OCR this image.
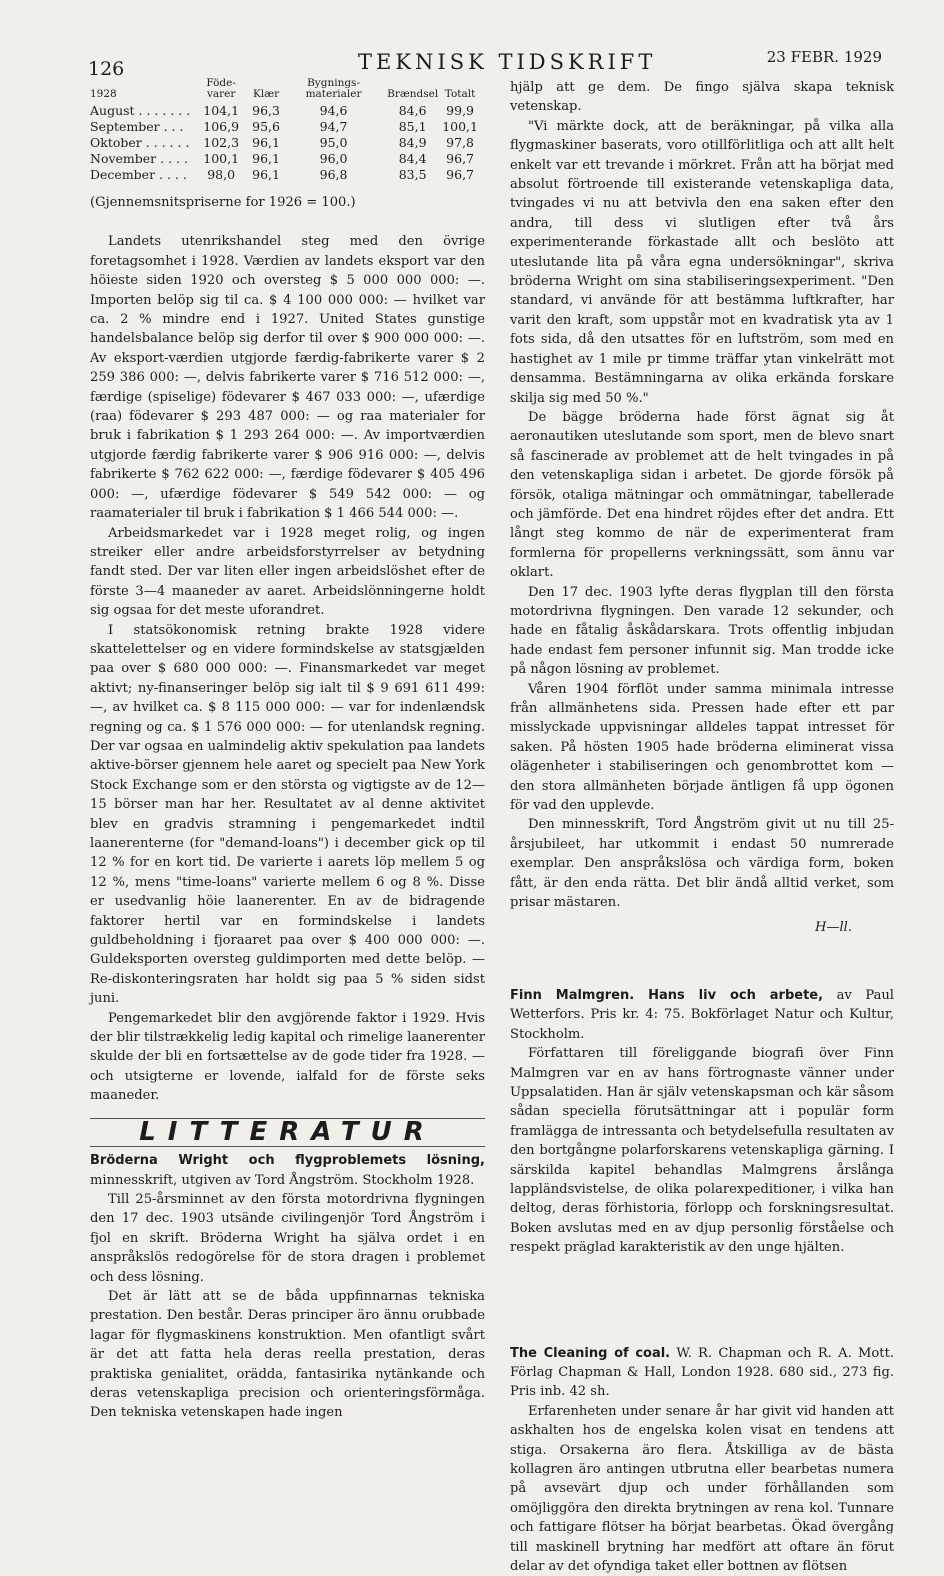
126	TEKNISK TIDSKRIFT	23 FEBR. 1929
1928	Föde-varer	Klær	Bygnings-materialer	Brændsel	Totalt
August . . . . . . .	104,1	96,3	94,6	84,6	99,9
September . . .	106,9	95,6	94,7	85,1	100,1
Oktober . . . . . .	102,3	96,1	95,0	84,9	97,8
November . . . .	100,1	96,1	96,0	84,4	96,7
December . . . .	98,0	96,1	96,8	83,5	96,7

(Gjennemsnitspriserne for 1926 = 100.)

Landets utenrikshandel steg med den övrige foretagsomhet i 1928. Værdien av landets eksport var den höieste siden 1920 och oversteg $ 5 000 000 000: —. Importen belöp sig til ca. $ 4 100 000 000: — hvilket var ca. 2 % mindre end i 1927. United States gunstige handelsbalance belöp sig derfor til over $ 900 000 000: —. Av eksport-værdien utgjorde færdig-fabrikerte varer $ 2 259 386 000: —, delvis fabrikerte varer $ 716 512 000: —, færdige (spiselige) födevarer $ 467 033 000: —, ufærdige (raa) födevarer $ 293 487 000: — og raa materialer for bruk i fabrikation $ 1 293 264 000: —. Av importværdien utgjorde færdig fabrikerte varer $ 906 916 000: —, delvis fabrikerte $ 762 622 000: —, færdige födevarer $ 405 496 000: —, ufærdige födevarer $ 549 542 000: — og raamaterialer til bruk i fabrikation $ 1 466 544 000: —.

Arbeidsmarkedet var i 1928 meget rolig, og ingen streiker eller andre arbeidsforstyrrelser av betydning fandt sted. Der var liten eller ingen arbeidslöshet efter de förste 3—4 maaneder av aaret. Arbeidslönningerne holdt sig ogsaa for det meste uforandret.

I statsökonomisk retning brakte 1928 videre skattelettelser og en videre formindskelse av statsgjælden paa over $ 680 000 000: —. Finansmarkedet var meget aktivt; ny-finanseringer belöp sig ialt til $ 9 691 611 499: —, av hvilket ca. $ 8 115 000 000: — var for indenlændsk regning og ca. $ 1 576 000 000: — for utenlandsk regning. Der var ogsaa en ualmindelig aktiv spekulation paa landets aktive-börser gjennem hele aaret og specielt paa New York Stock Exchange som er den största og vigtigste av de 12—15 börser man har her. Resultatet av al denne aktivitet blev en gradvis stramning i pengemarkedet indtil laanerenterne (for "demand-loans") i december gick op til 12 % for en kort tid. De varierte i aarets löp mellem 5 og 12 %, mens "time-loans" varierte mellem 6 og 8 %. Disse er usedvanlig höie laanerenter. En av de bidragende faktorer hertil var en formindskelse i landets guldbeholdning i fjoraaret paa over $ 400 000 000: —. Guldeksporten oversteg guldimporten med dette belöp. — Re-diskonteringsraten har holdt sig paa 5 % siden sidst juni.

Pengemarkedet blir den avgjörende faktor i 1929. Hvis der blir tilstrækkelig ledig kapital och rimelige laanerenter skulde der bli en fortsættelse av de gode tider fra 1928. — och utsigterne er lovende, ialfald for de förste seks maaneder.

LITTERATUR

Bröderna Wright och flygproblemets lösning, minnesskrift, utgiven av Tord Ångström. Stockholm 1928.

Till 25-årsminnet av den första motordrivna flygningen den 17 dec. 1903 utsände civilingenjör Tord Ångström i fjol en skrift. Bröderna Wright ha själva ordet i en anspråkslös redogörelse för de stora dragen i problemet och dess lösning.

Det är lätt att se de båda uppfinnarnas tekniska prestation. Den består. Deras principer äro ännu orubbade lagar för flygmaskinens konstruktion. Men ofantligt svårt är det att fatta hela deras reella prestation, deras praktiska genialitet, orädda, fantasirika nytänkande och deras vetenskapliga precision och orienteringsförmåga. Den tekniska vetenskapen hade ingen

hjälp att ge dem. De fingo själva skapa teknisk vetenskap.

"Vi märkte dock, att de beräkningar, på vilka alla flygmaskiner baserats, voro otillförlitliga och att allt helt enkelt var ett trevande i mörkret. Från att ha börjat med absolut förtroende till existerande vetenskapliga data, tvingades vi nu att betvivla den ena saken efter den andra, till dess vi slutligen efter två års experimenterande förkastade allt och beslöto att uteslutande lita på våra egna undersökningar", skriva bröderna Wright om sina stabiliseringsexperiment. "Den standard, vi använde för att bestämma luftkrafter, har varit den kraft, som uppstår mot en kvadratisk yta av 1 fots sida, då den utsattes för en luftström, som med en hastighet av 1 mile pr timme träffar ytan vinkelrätt mot densamma. Bestämningarna av olika erkända forskare skilja sig med 50 %."

De bägge bröderna hade först ägnat sig åt aeronautiken uteslutande som sport, men de blevo snart så fascinerade av problemet att de helt tvingades in på den vetenskapliga sidan i arbetet. De gjorde försök på försök, otaliga mätningar och ommätningar, tabellerade och jämförde. Det ena hindret röjdes efter det andra. Ett långt steg kommo de när de experimenterat fram formlerna för propellerns verkningssätt, som ännu var oklart.

Den 17 dec. 1903 lyfte deras flygplan till den första motordrivna flygningen. Den varade 12 sekunder, och hade en fåtalig åskådarskara. Trots offentlig inbjudan hade endast fem personer infunnit sig. Man trodde icke på någon lösning av problemet.

Våren 1904 förflöt under samma minimala intresse från allmänhetens sida. Pressen hade efter ett par misslyckade uppvisningar alldeles tappat intresset för saken. På hösten 1905 hade bröderna eliminerat vissa olägenheter i stabiliseringen och genombrottet kom — den stora allmänheten började äntligen få upp ögonen för vad den upplevde.

Den minnesskrift, Tord Ångström givit ut nu till 25-årsjubileet, har utkommit i endast 50 numrerade exemplar. Den anspråkslösa och värdiga form, boken fått, är den enda rätta. Det blir ändå alltid verket, som prisar mästaren.

H—ll.

Finn Malmgren. Hans liv och arbete, av Paul Wetterfors. Pris kr. 4: 75. Bokförlaget Natur och Kultur, Stockholm.

Författaren till föreliggande biografi över Finn Malmgren var en av hans förtrognaste vänner under Uppsalatiden. Han är själv vetenskapsman och kär såsom sådan speciella förutsättningar att i populär form framlägga de intressanta och betydelsefulla resultaten av den bortgångne polarforskarens vetenskapliga gärning. I särskilda kapitel behandlas Malmgrens årslånga lappländsvistelse, de olika polarexpeditioner, i vilka han deltog, deras förhistoria, förlopp och forskningsresultat. Boken avslutas med en av djup personlig förståelse och respekt präglad karakteristik av den unge hjälten.

The Cleaning of coal. W. R. Chapman och R. A. Mott. Förlag Chapman & Hall, London 1928. 680 sid., 273 fig. Pris inb. 42 sh.

Erfarenheten under senare år har givit vid handen att askhalten hos de engelska kolen visat en tendens att stiga. Orsakerna äro flera. Åtskilliga av de bästa kollagren äro antingen utbrutna eller bearbetas numera på avsevärt djup och under förhållanden som omöjliggöra den direkta brytningen av rena kol. Tunnare och fattigare flötser ha börjat bearbetas. Ökad övergång till maskinell brytning har medfört att oftare än förut delar av det ofyndiga taket eller bottnen av flötsen
